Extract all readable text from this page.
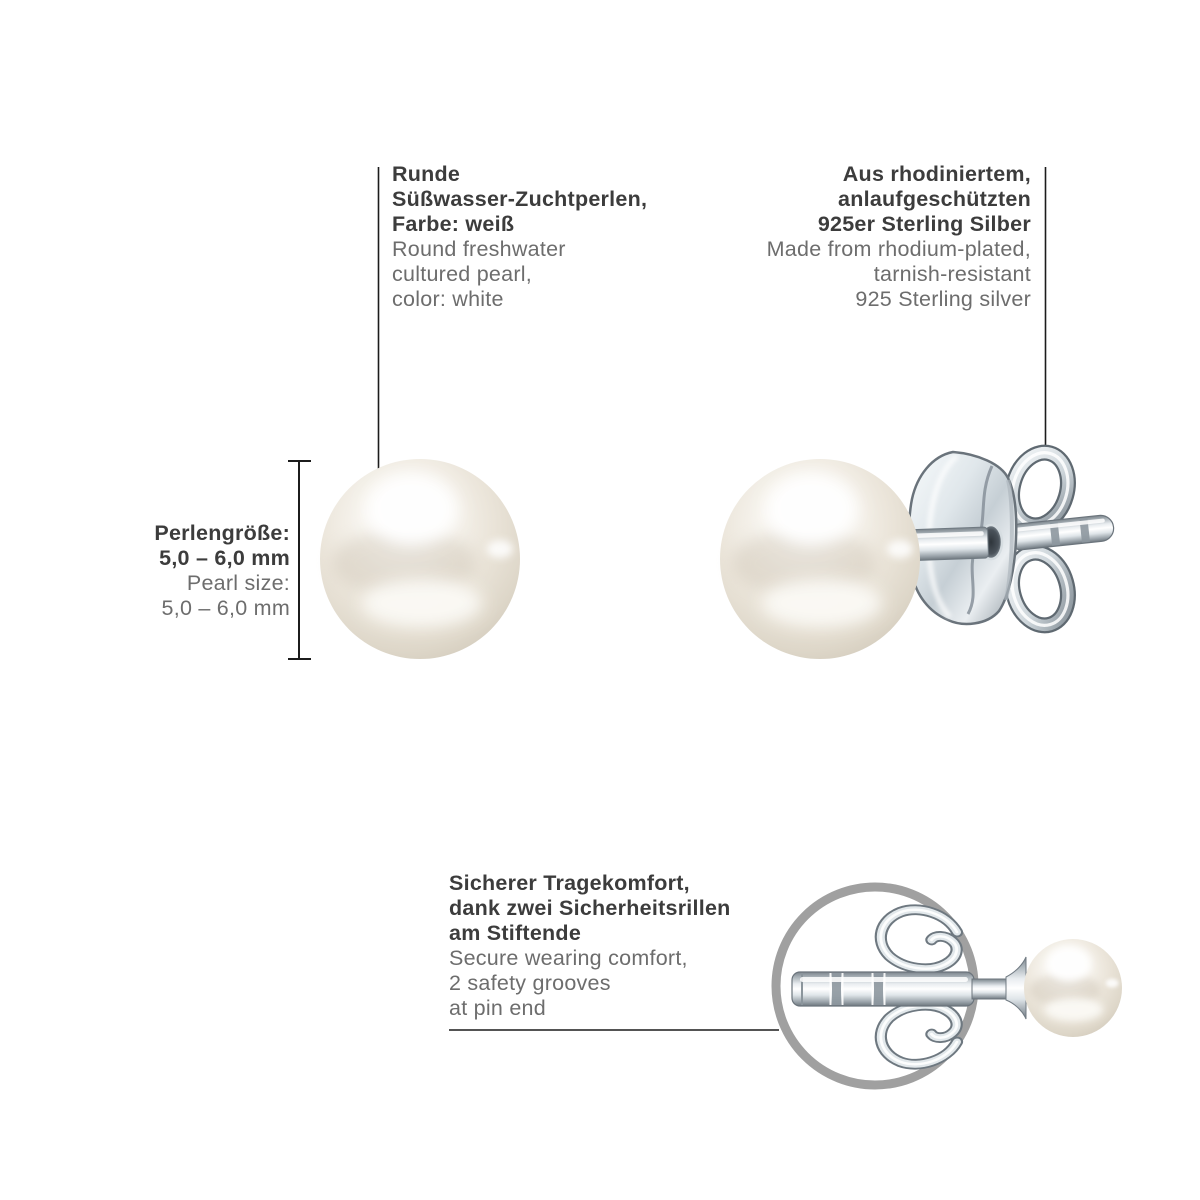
Runde
Süßwasser-Zuchtperlen,
Farbe: weiß
Round freshwater
cultured pearl,
color: white
Aus rhodiniertem,
anlaufgeschützten
925er Sterling Silber
Made from rhodium-plated,
tarnish-resistant
925 Sterling silver
Perlengröße:
5,0 – 6,0 mm
Pearl size:
5,0 – 6,0 mm
Sicherer Tragekomfort,
dank zwei Sicherheitsrillen
am Stiftende
Secure wearing comfort,
2 safety grooves
at pin end
